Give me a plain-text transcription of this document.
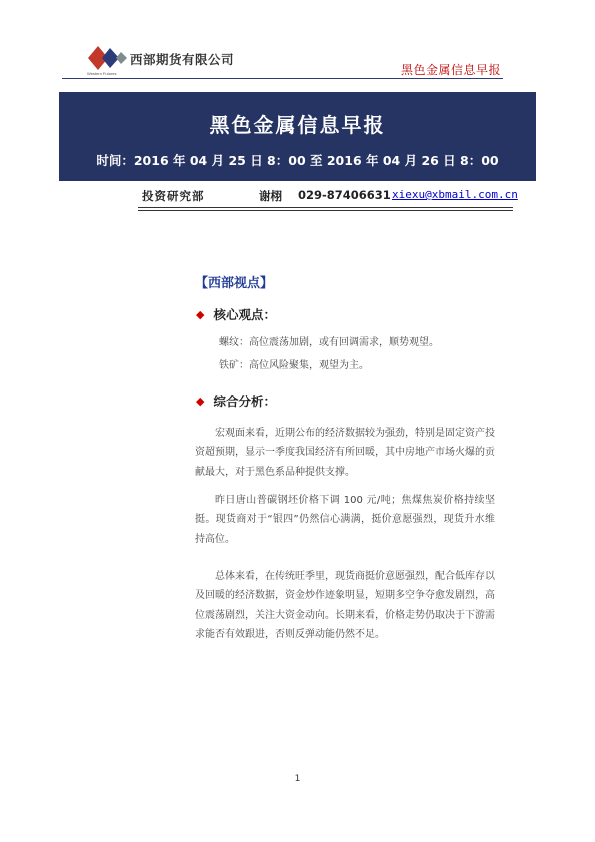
Western Futures
西部期货有限公司
黑色金属信息早报
黑色金属信息早报
时间：2016 年 04 月 25 日 8：00 至 2016 年 04 月 26 日 8：00
投资研究部	谢栩 029-87406631 xiexu@xbmail.com.cn
【西部视点】
◆ 核心观点：
螺纹：高位震荡加剧，或有回调需求，顺势观望。
铁矿：高位风险聚集，观望为主。
◆ 综合分析：

宏观面来看，近期公布的经济数据较为强劲，特别是固定资产投资超预期，显示一季度我国经济有所回暖，其中房地产市场火爆的贡献最大，对于黑色系品种提供支撑。

昨日唐山普碳钢坯价格下调 100 元/吨；焦煤焦炭价格持续坚挺。现货商对于“银四”仍然信心满满，挺价意愿强烈，现货升水维持高位。

总体来看，在传统旺季里，现货商挺价意愿强烈，配合低库存以及回暖的经济数据，资金炒作迹象明显，短期多空争夺愈发剧烈，高位震荡剧烈，关注大资金动向。长期来看，价格走势仍取决于下游需求能否有效跟进，否则反弹动能仍然不足。

1
